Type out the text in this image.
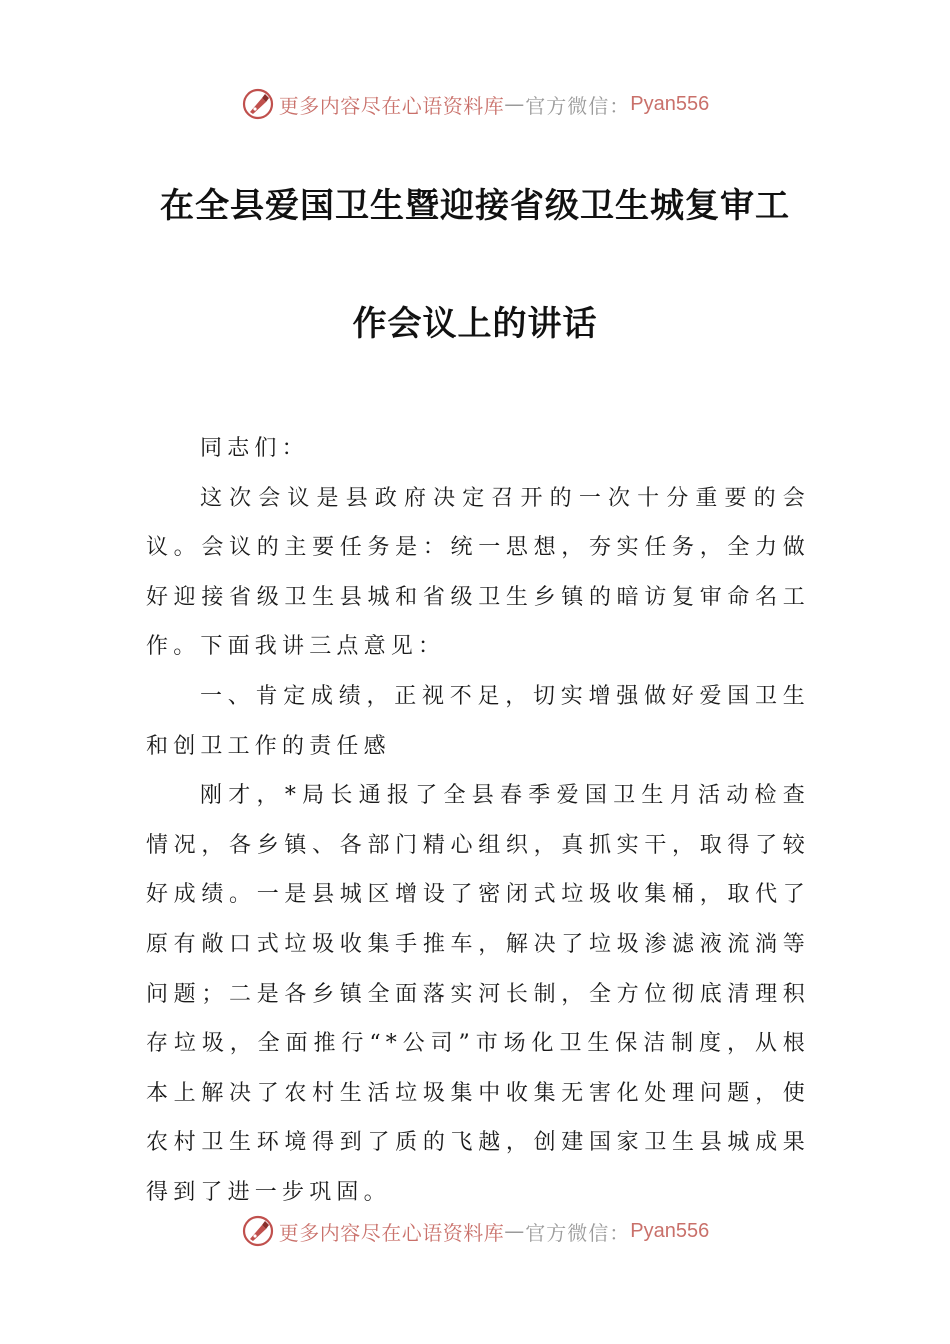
更多内容尽在心语资料库 — 官方微信： Pyan556
在全县爱国卫生暨迎接省级卫生城复审工
作会议上的讲话

同志们：

这次会议是县政府决定召开的一次十分重要的会议。会议的主要任务是：统一思想，夯实任务，全力做好迎接省级卫生县城和省级卫生乡镇的暗访复审命名工作。下面我讲三点意见：

一、肯定成绩，正视不足，切实增强做好爱国卫生和创卫工作的责任感

刚才，*局长通报了全县春季爱国卫生月活动检查情况，各乡镇、各部门精心组织，真抓实干，取得了较好成绩。一是县城区增设了密闭式垃圾收集桶，取代了原有敞口式垃圾收集手推车，解决了垃圾渗滤液流淌等问题；二是各乡镇全面落实河长制，全方位彻底清理积存垃圾，全面推行“*公司”市场化卫生保洁制度，从根本上解决了农村生活垃圾集中收集无害化处理问题，使农村卫生环境得到了质的飞越，创建国家卫生县城成果得到了进一步巩固。

更多内容尽在心语资料库 — 官方微信： Pyan556
